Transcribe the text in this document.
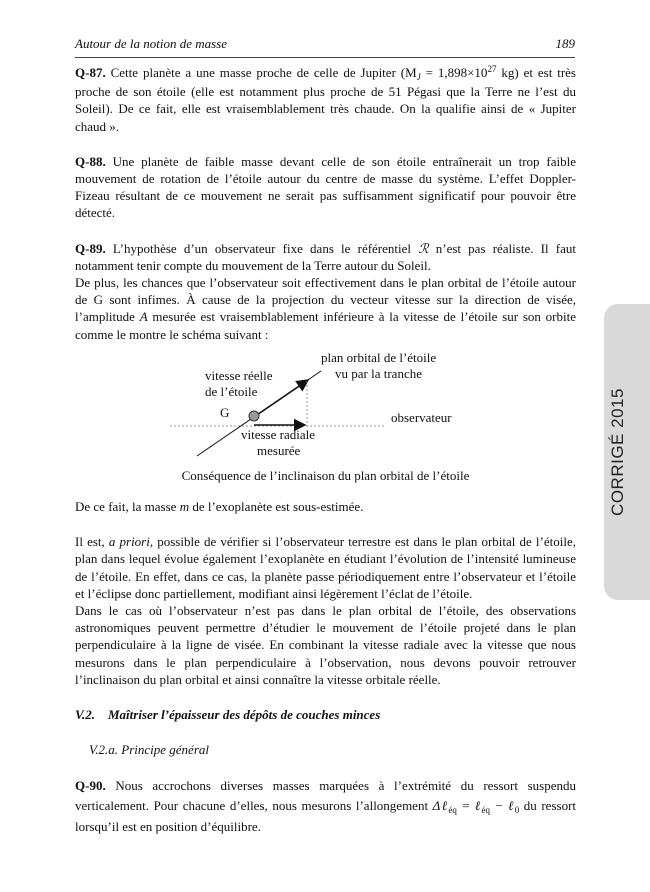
Autour de la notion de masse	189
CORRIGÉ 2015

Q-87. Cette planète a une masse proche de celle de Jupiter ($M_J = 1,898\times 10^{27}$ kg) et est très proche de son étoile (elle est notamment plus proche de 51 Pégasi que la Terre ne l’est du Soleil). De ce fait, elle est vraisemblablement très chaude. On la qualifie ainsi de « Jupiter chaud ».

Q-88. Une planète de faible masse devant celle de son étoile entraînerait un trop faible mouvement de rotation de l’étoile autour du centre de masse du système. L’effet Doppler-Fizeau résultant de ce mouvement ne serait pas suffisamment significatif pour pouvoir être détecté.

Q-89. L’hypothèse d’un observateur fixe dans le référentiel ℛ n’est pas réaliste. Il faut notamment tenir compte du mouvement de la Terre autour du Soleil.

De plus, les chances que l’observateur soit effectivement dans le plan orbital de l’étoile autour de G sont infimes. À cause de la projection du vecteur vitesse sur la direction de visée, l’amplitude A mesurée est vraisemblablement inférieure à la vitesse de l’étoile sur son orbite comme le montre le schéma suivant :

plan orbital de l’étoile
vu par la tranche
vitesse réelle
de l’étoile
G	observateur
vitesse radiale
mesurée

Conséquence de l’inclinaison du plan orbital de l’étoile

De ce fait, la masse m de l’exoplanète est sous-estimée.

Il est, a priori, possible de vérifier si l’observateur terrestre est dans le plan orbital de l’étoile, plan dans lequel évolue également l’exoplanète en étudiant l’évolution de l’intensité lumineuse de l’étoile. En effet, dans ce cas, la planète passe périodiquement entre l’observateur et l’étoile et l’éclipse donc partiellement, modifiant ainsi légèrement l’éclat de l’étoile.

Dans le cas où l’observateur n’est pas dans le plan orbital de l’étoile, des observations astronomiques peuvent permettre d’étudier le mouvement de l’étoile projeté dans le plan perpendiculaire à la ligne de visée. En combinant la vitesse radiale avec la vitesse que nous mesurons dans le plan perpendiculaire à l’observation, nous devons pouvoir retrouver l’inclinaison du plan orbital et ainsi connaître la vitesse orbitale réelle.

V.2.    Maîtriser l’épaisseur des dépôts de couches minces

V.2.a. Principe général

Q-90. Nous accrochons diverses masses marquées à l’extrémité du ressort suspendu verticalement. Pour chacune d’elles, nous mesurons l’allongement Δℓ$_{éq}$ = ℓ$_{éq}$ − ℓ$_0$ du ressort lorsqu’il est en position d’équilibre.
